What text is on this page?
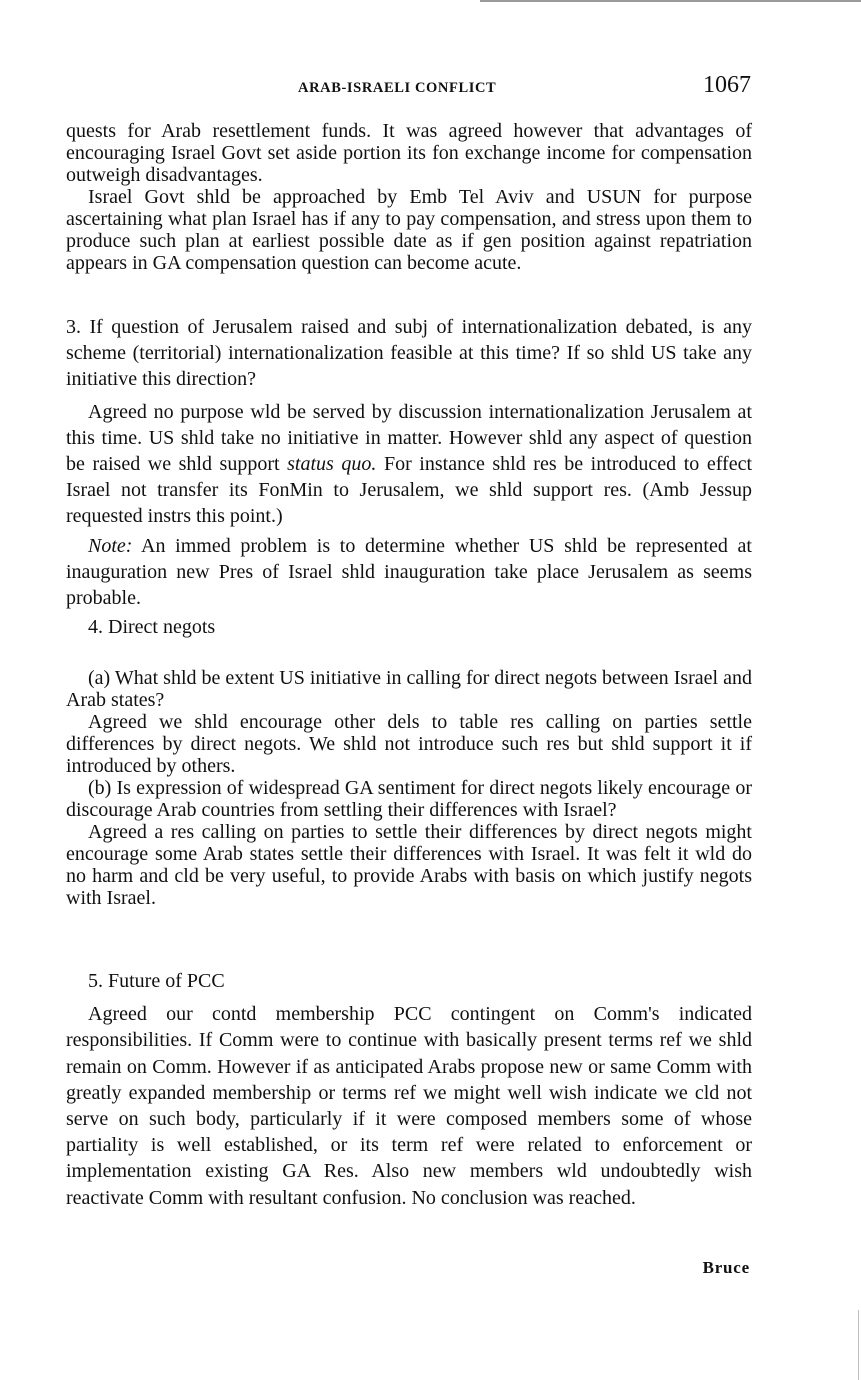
ARAB-ISRAELI CONFLICT	1067

quests for Arab resettlement funds. It was agreed however that advantages of encouraging Israel Govt set aside portion its fon exchange income for compensation outweigh disadvantages.

Israel Govt shld be approached by Emb Tel Aviv and USUN for purpose ascertaining what plan Israel has if any to pay compensation, and stress upon them to produce such plan at earliest possible date as if gen position against repatriation appears in GA compensation question can become acute.

3. If question of Jerusalem raised and subj of internationalization debated, is any scheme (territorial) internationalization feasible at this time? If so shld US take any initiative this direction?

Agreed no purpose wld be served by discussion internationalization Jerusalem at this time. US shld take no initiative in matter. However shld any aspect of question be raised we shld support status quo. For instance shld res be introduced to effect Israel not transfer its FonMin to Jerusalem, we shld support res. (Amb Jessup requested instrs this point.)

Note: An immed problem is to determine whether US shld be represented at inauguration new Pres of Israel shld inauguration take place Jerusalem as seems probable.

4. Direct negots

(a) What shld be extent US initiative in calling for direct negots between Israel and Arab states?

Agreed we shld encourage other dels to table res calling on parties settle differences by direct negots. We shld not introduce such res but shld support it if introduced by others.

(b) Is expression of widespread GA sentiment for direct negots likely encourage or discourage Arab countries from settling their differences with Israel?

Agreed a res calling on parties to settle their differences by direct negots might encourage some Arab states settle their differences with Israel. It was felt it wld do no harm and cld be very useful, to provide Arabs with basis on which justify negots with Israel.

5. Future of PCC

Agreed our contd membership PCC contingent on Comm's indicated responsibilities. If Comm were to continue with basically present terms ref we shld remain on Comm. However if as anticipated Arabs propose new or same Comm with greatly expanded membership or terms ref we might well wish indicate we cld not serve on such body, particularly if it were composed members some of whose partiality is well established, or its term ref were related to enforcement or implementation existing GA Res. Also new members wld undoubtedly wish reactivate Comm with resultant confusion. No conclusion was reached.

Bruce
